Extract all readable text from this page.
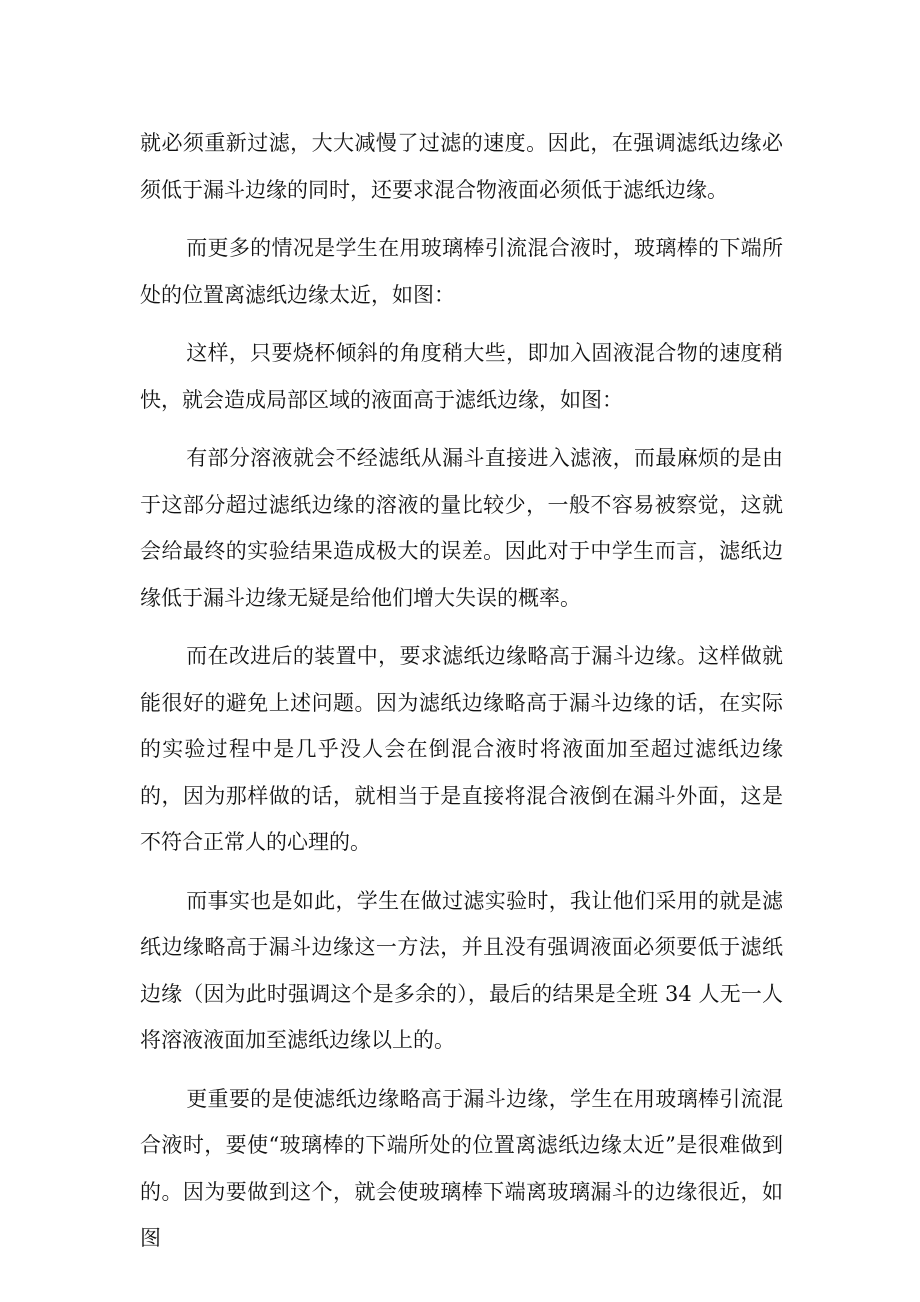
就必须重新过滤，大大减慢了过滤的速度。因此，在强调滤纸边缘必须低于漏斗边缘的同时，还要求混合物液面必须低于滤纸边缘。

而更多的情况是学生在用玻璃棒引流混合液时，玻璃棒的下端所处的位置离滤纸边缘太近，如图：

这样，只要烧杯倾斜的角度稍大些，即加入固液混合物的速度稍快，就会造成局部区域的液面高于滤纸边缘，如图：

有部分溶液就会不经滤纸从漏斗直接进入滤液，而最麻烦的是由于这部分超过滤纸边缘的溶液的量比较少，一般不容易被察觉，这就会给最终的实验结果造成极大的误差。因此对于中学生而言，滤纸边缘低于漏斗边缘无疑是给他们增大失误的概率。

而在改进后的装置中，要求滤纸边缘略高于漏斗边缘。这样做就能很好的避免上述问题。因为滤纸边缘略高于漏斗边缘的话，在实际的实验过程中是几乎没人会在倒混合液时将液面加至超过滤纸边缘的，因为那样做的话，就相当于是直接将混合液倒在漏斗外面，这是不符合正常人的心理的。

而事实也是如此，学生在做过滤实验时，我让他们采用的就是滤纸边缘略高于漏斗边缘这一方法，并且没有强调液面必须要低于滤纸边缘（因为此时强调这个是多余的），最后的结果是全班 34 人无一人将溶液液面加至滤纸边缘以上的。

更重要的是使滤纸边缘略高于漏斗边缘，学生在用玻璃棒引流混合液时，要使“玻璃棒的下端所处的位置离滤纸边缘太近”是很难做到的。因为要做到这个，就会使玻璃棒下端离玻璃漏斗的边缘很近，如图
